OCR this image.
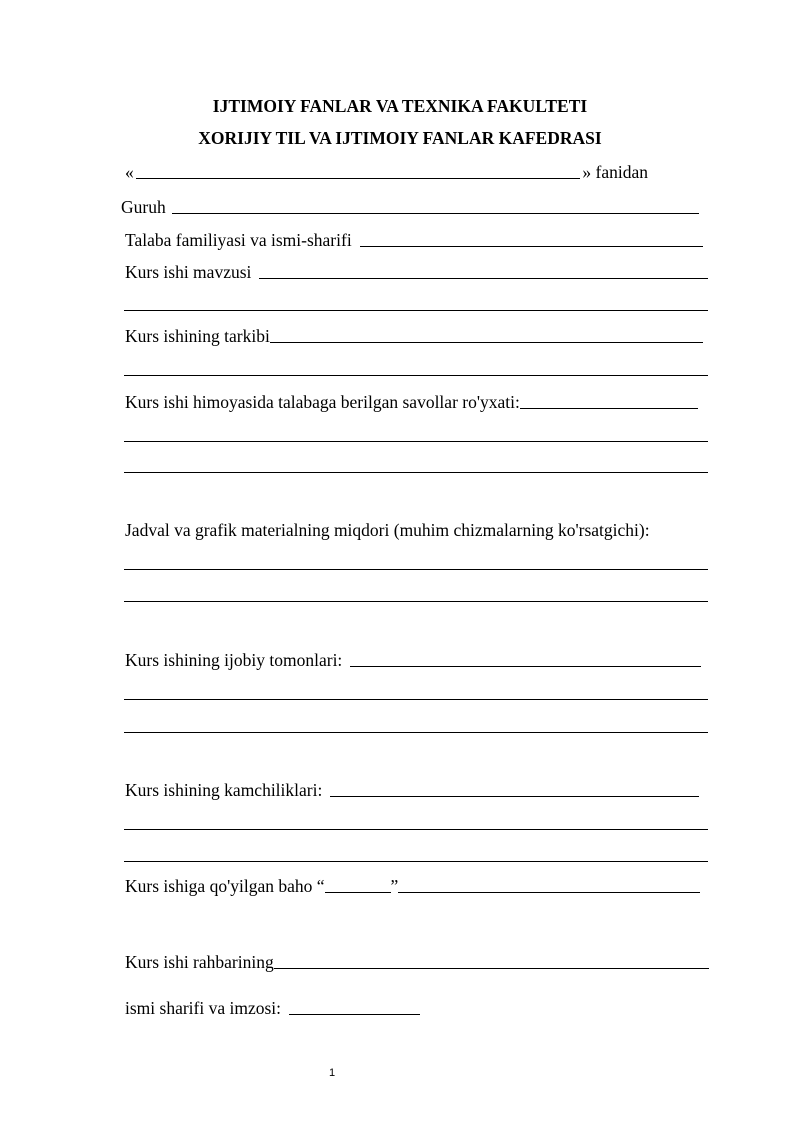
IJTIMOIY FANLAR VA TEXNIKA FAKULTETI
XORIJIY TIL VA IJTIMOIY FANLAR KAFEDRASI
«	» fanidan
Guruh
Talaba familiyasi va ismi-sharifi
Kurs ishi mavzusi
Kurs ishining tarkibi
Kurs ishi himoyasida talabaga berilgan savollar ro'yxati:
Jadval va grafik materialning miqdori (muhim chizmalarning ko'rsatgichi):
Kurs ishining ijobiy tomonlari:
Kurs ishining kamchiliklari:
Kurs ishiga qo'yilgan baho “	”
Kurs ishi rahbarining
ismi sharifi va imzosi:
1
